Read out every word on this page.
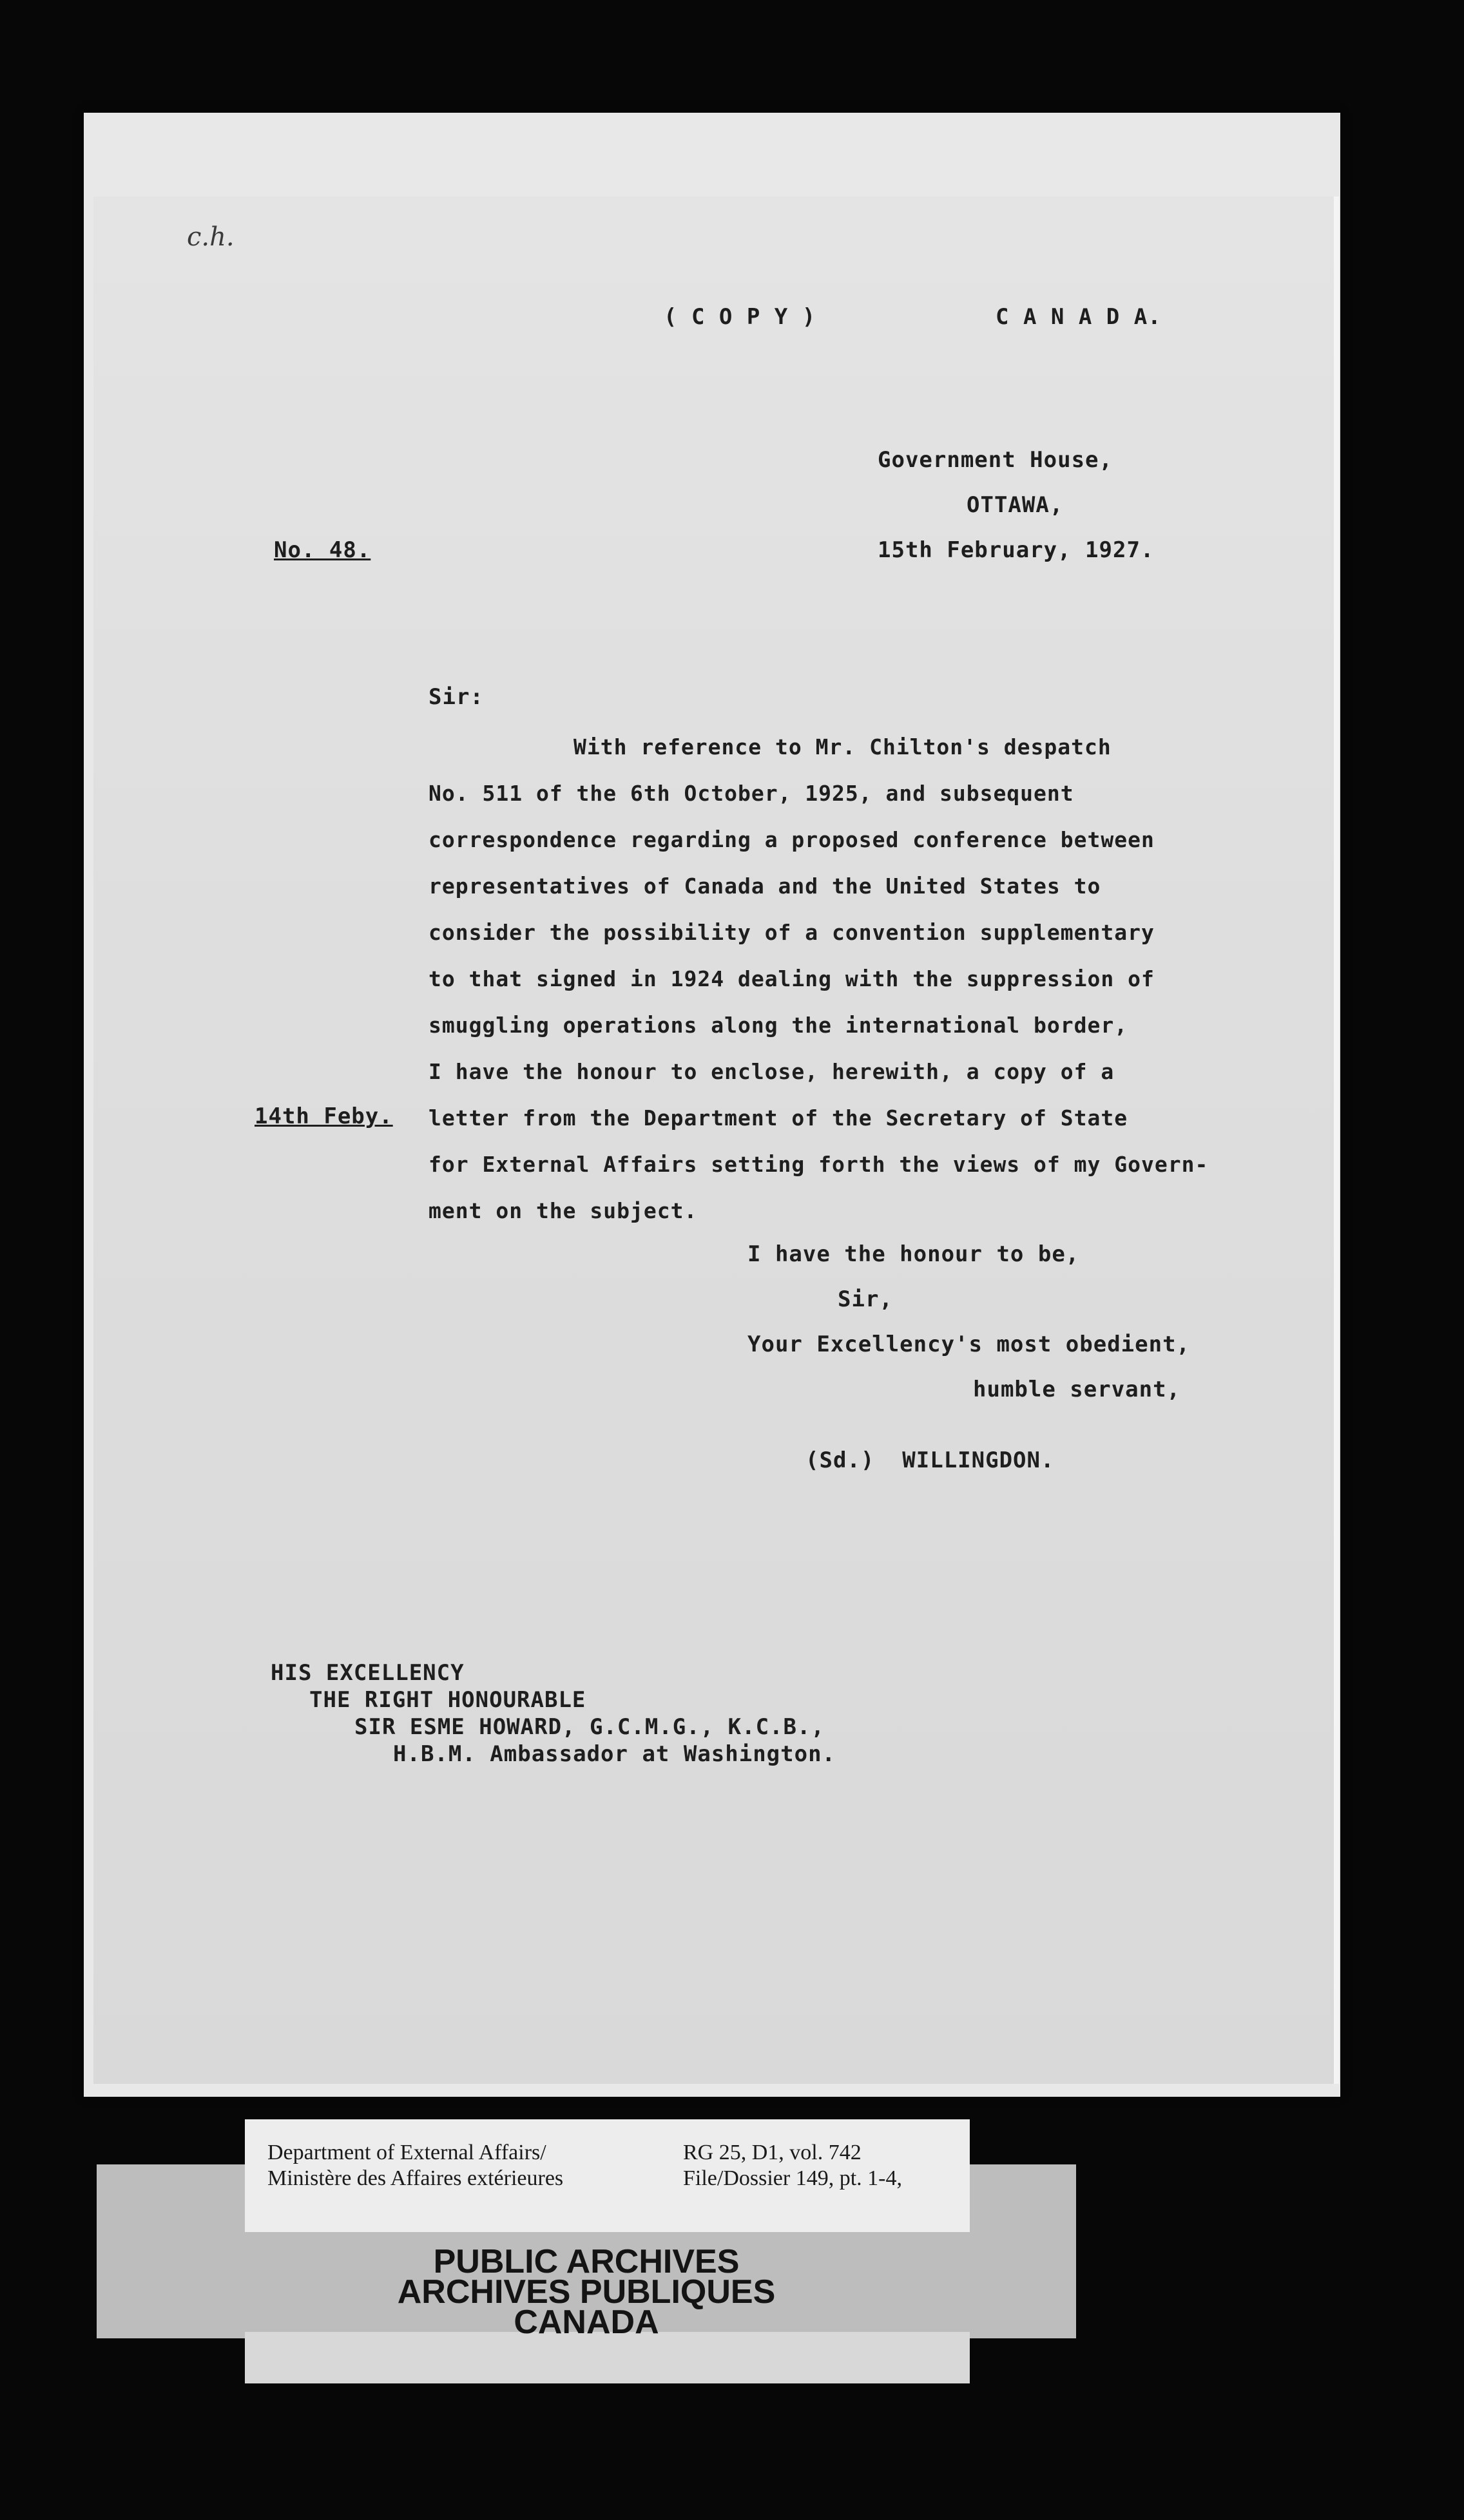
c.h.
( C O P Y )	C A N A D A.
Government House,
OTTAWA,
15th February, 1927.
No. 48.
Sir:
With reference to Mr. Chilton's despatch
No. 511 of the 6th October, 1925, and subsequent
correspondence regarding a proposed conference between
representatives of Canada and the United States to
consider the possibility of a convention supplementary
to that signed in 1924 dealing with the suppression of
smuggling operations along the international border,
I have the honour to enclose, herewith, a copy of a
letter from the Department of the Secretary of State
for External Affairs setting forth the views of my Govern-
ment on the subject.
14th Feby.
I have the honour to be,
Sir,
Your Excellency's most obedient,
humble servant,
(Sd.)  WILLINGDON.
HIS EXCELLENCY
THE RIGHT HONOURABLE
SIR ESME HOWARD, G.C.M.G., K.C.B.,
H.B.M. Ambassador at Washington.
Department of External Affairs/
Ministère des Affaires extérieures
RG 25, D1, vol. 742
File/Dossier 149, pt. 1-4,
PUBLIC ARCHIVES
ARCHIVES PUBLIQUES
CANADA
